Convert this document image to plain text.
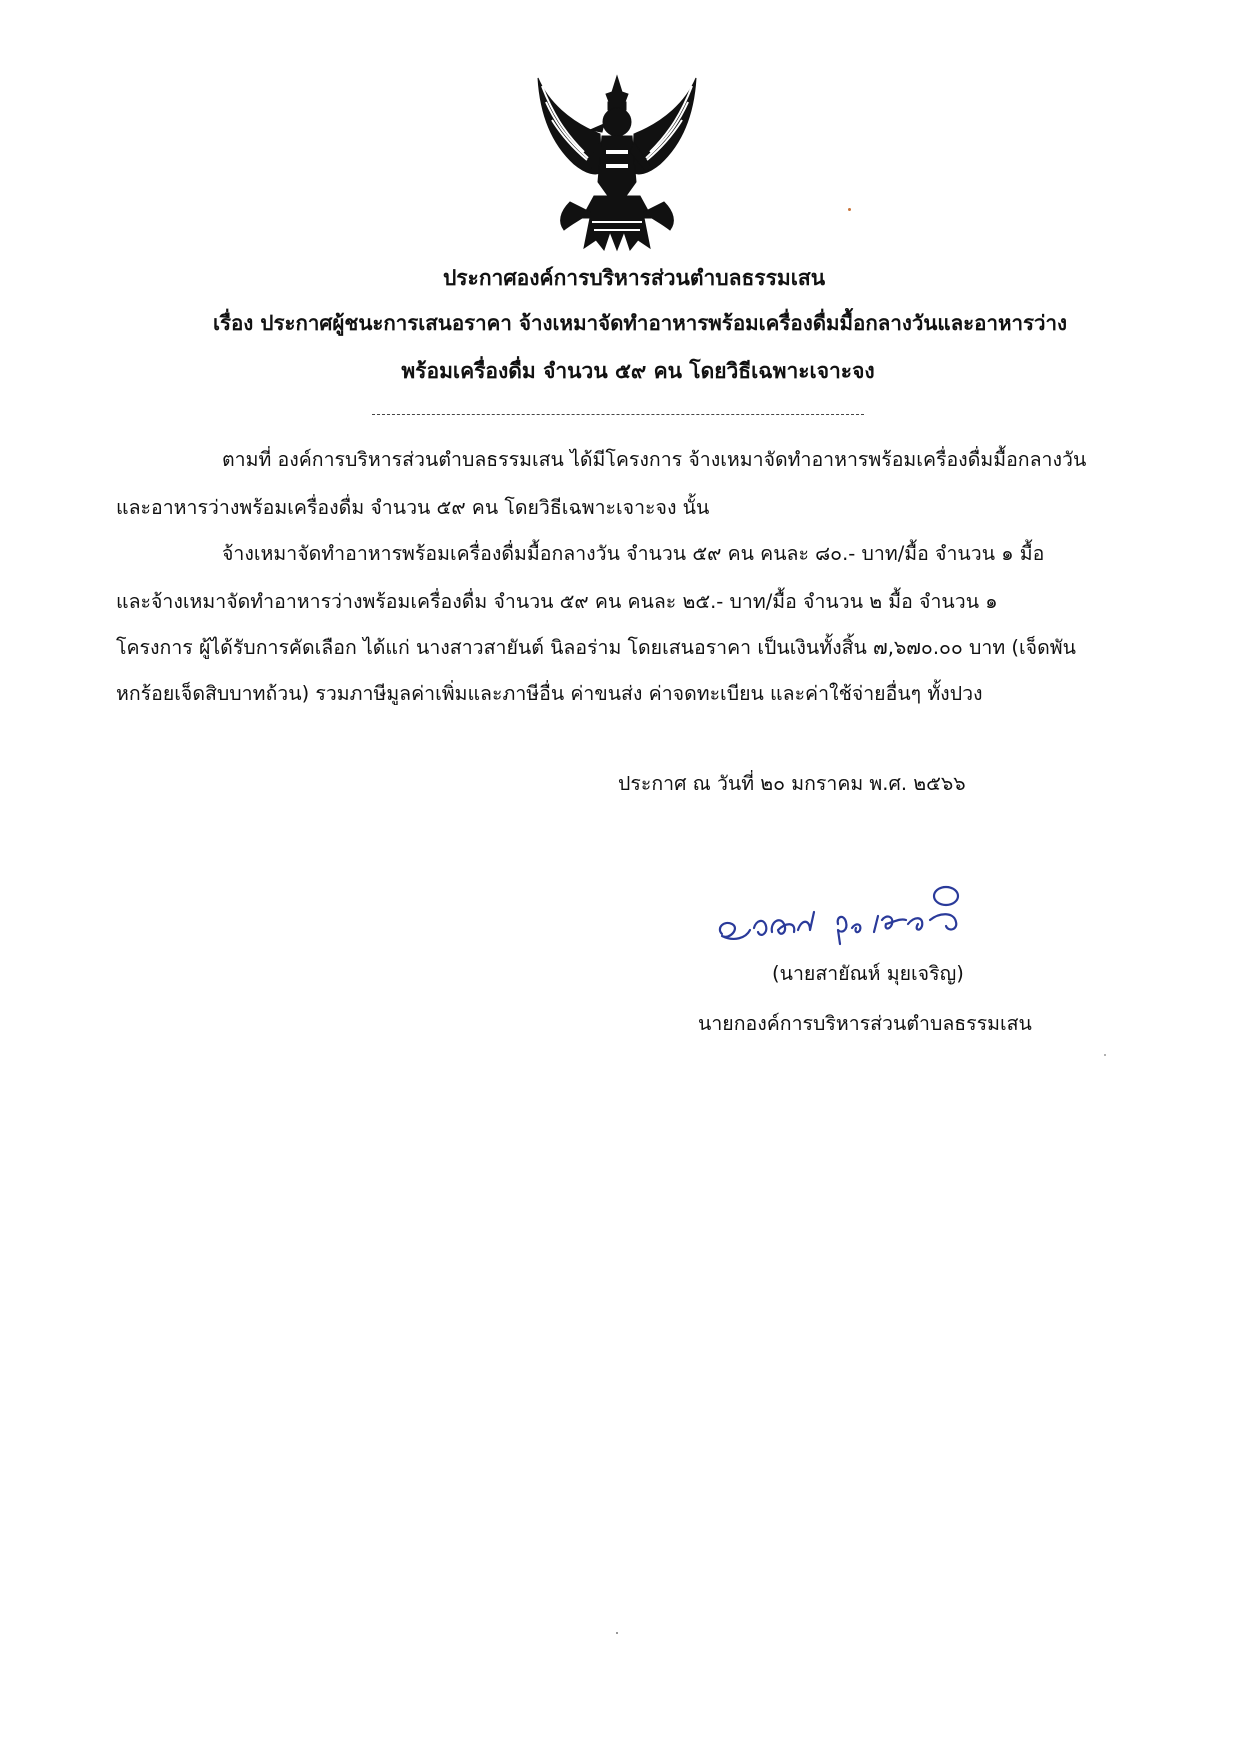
ประกาศองค์การบริหารส่วนตำบลธรรมเสน
เรื่อง ประกาศผู้ชนะการเสนอราคา จ้างเหมาจัดทำอาหารพร้อมเครื่องดื่มมื้อกลางวันและอาหารว่าง
พร้อมเครื่องดื่ม จำนวน ๕๙ คน โดยวิธีเฉพาะเจาะจง
ตามที่ องค์การบริหารส่วนตำบลธรรมเสน ได้มีโครงการ จ้างเหมาจัดทำอาหารพร้อมเครื่องดื่มมื้อกลางวัน
และอาหารว่างพร้อมเครื่องดื่ม จำนวน ๕๙ คน โดยวิธีเฉพาะเจาะจง นั้น
จ้างเหมาจัดทำอาหารพร้อมเครื่องดื่มมื้อกลางวัน จำนวน ๕๙ คน คนละ ๘๐.- บาท/มื้อ จำนวน ๑ มื้อ
และจ้างเหมาจัดทำอาหารว่างพร้อมเครื่องดื่ม จำนวน ๕๙ คน คนละ ๒๕.- บาท/มื้อ จำนวน ๒ มื้อ จำนวน ๑
โครงการ ผู้ได้รับการคัดเลือก ได้แก่ นางสาวสายันต์ นิลอร่าม โดยเสนอราคา เป็นเงินทั้งสิ้น ๗,๖๗๐.๐๐ บาท (เจ็ดพัน
หกร้อยเจ็ดสิบบาทถ้วน) รวมภาษีมูลค่าเพิ่มและภาษีอื่น ค่าขนส่ง ค่าจดทะเบียน และค่าใช้จ่ายอื่นๆ ทั้งปวง
ประกาศ ณ วันที่ ๒๐ มกราคม พ.ศ. ๒๕๖๖
(นายสายัณห์ มุยเจริญ)
นายกองค์การบริหารส่วนตำบลธรรมเสน
